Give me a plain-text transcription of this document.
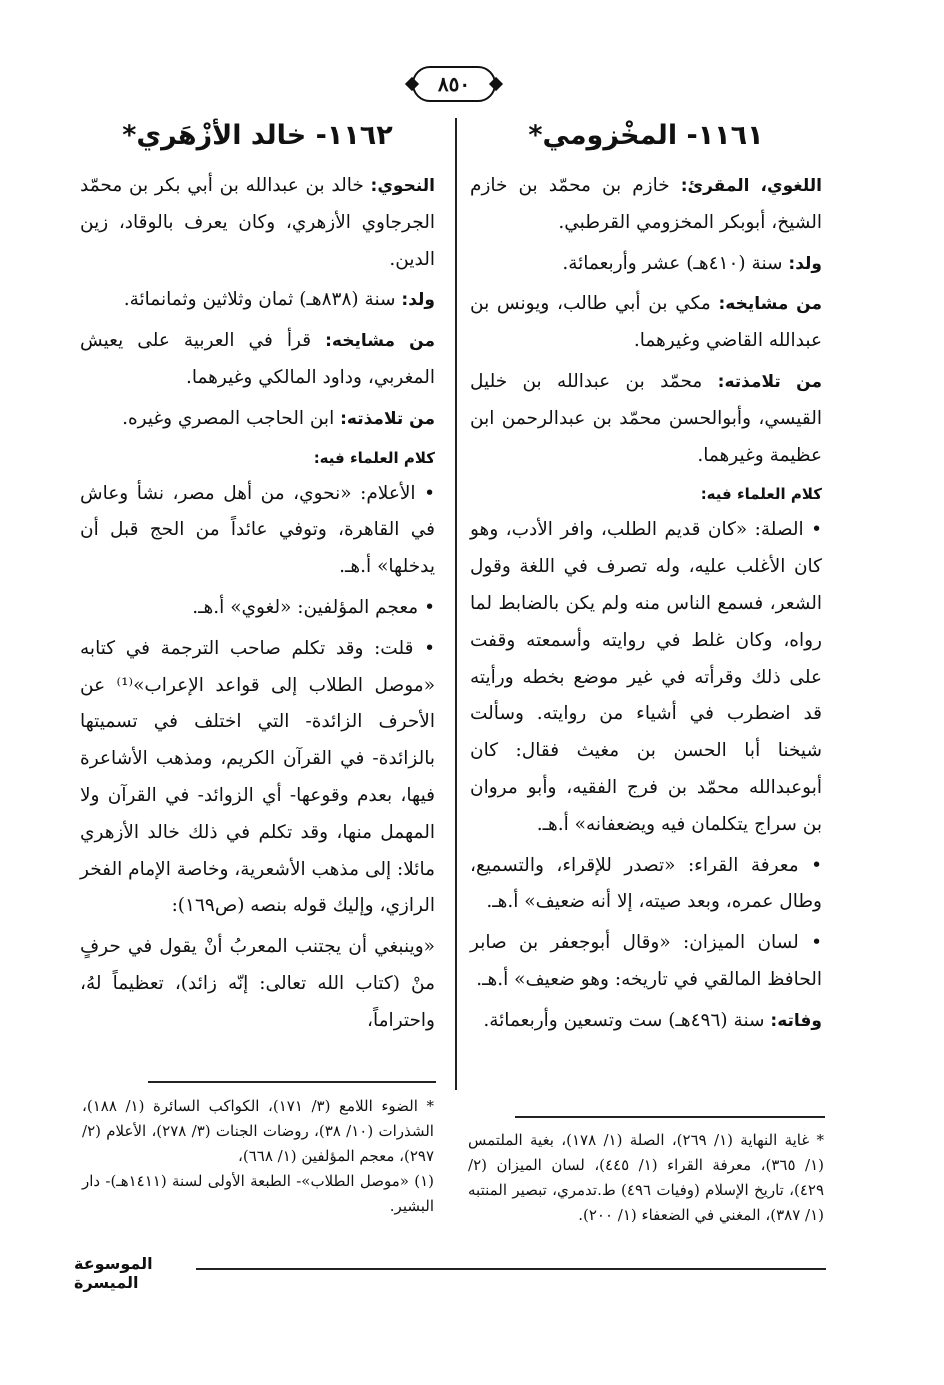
٨٥٠
١١٦١- المخْزومي*

اللغوي، المقرئ: خازم بن محمّد بن خازم الشيخ، أبوبكر المخزومي القرطبي.

ولد: سنة (٤١٠هـ) عشر وأربعمائة.

من مشايخه: مكي بن أبي طالب، ويونس بن عبدالله القاضي وغيرهما.

من تلامذته: محمّد بن عبدالله بن خليل القيسي، وأبوالحسن محمّد بن عبدالرحمن ابن عظيمة وغيرهما.

كلام العلماء فيه:

• الصلة: «كان قديم الطلب، وافر الأدب، وهو كان الأغلب عليه، وله تصرف في اللغة وقول الشعر، فسمع الناس منه ولم يكن بالضابط لما رواه، وكان غلط في روايته وأسمعته وقفت على ذلك وقرأته في غير موضع بخطه ورأيته قد اضطرب في أشياء من روايته. وسألت شيخنا أبا الحسن بن مغيث فقال: كان أبوعبدالله محمّد بن فرج الفقيه، وأبو مروان بن سراج يتكلمان فيه ويضعفانه» أ.هـ.

• معرفة القراء: «تصدر للإقراء، والتسميع، وطال عمره، وبعد صيته، إلا أنه ضعيف» أ.هـ.

• لسان الميزان: «وقال أبوجعفر بن صابر الحافظ المالقي في تاريخه: وهو ضعيف» أ.هـ.

وفاته: سنة (٤٩٦هـ) ست وتسعين وأربعمائة.

١١٦٢- خالد الأزْهَري*

النحوي: خالد بن عبدالله بن أبي بكر بن محمّد الجرجاوي الأزهري، وكان يعرف بالوقاد، زين الدين.

ولد: سنة (٨٣٨هـ) ثمان وثلاثين وثمانمائة.

من مشايخه: قرأ في العربية على يعيش المغربي، وداود المالكي وغيرهما.

من تلامذته: ابن الحاجب المصري وغيره.

كلام العلماء فيه:

• الأعلام: «نحوي، من أهل مصر، نشأ وعاش في القاهرة، وتوفي عائداً من الحج قبل أن يدخلها» أ.هـ.

• معجم المؤلفين: «لغوي» أ.هـ.

• قلت: وقد تكلم صاحب الترجمة في كتابه «موصل الطلاب إلى قواعد الإعراب»⁽¹⁾ عن الأحرف الزائدة- التي اختلف في تسميتها بالزائدة- في القرآن الكريم، ومذهب الأشاعرة فيها، بعدم وقوعها- أي الزوائد- في القرآن ولا المهمل منها، وقد تكلم في ذلك خالد الأزهري مائلا: إلى مذهب الأشعرية، وخاصة الإمام الفخر الرازي، وإليك قوله بنصه (ص١٦٩):

«وينبغي أن يجتنب المعربُ أنْ يقول في حرفٍ منْ (كتاب الله تعالى: إنّه زائد)، تعظيماً لهُ، واحتراماً،

* غاية النهاية (١/ ٢٦٩)، الصلة (١/ ١٧٨)، بغية الملتمس (١/ ٣٦٥)، معرفة القراء (١/ ٤٤٥)، لسان الميزان (٢/ ٤٢٩)، تاريخ الإسلام (وفيات ٤٩٦) ط.تدمري، تبصير المنتبه (١/ ٣٨٧)، المغني في الضعفاء (١/ ٢٠٠).

* الضوء اللامع (٣/ ١٧١)، الكواكب السائرة (١/ ١٨٨)، الشذرات (١٠/ ٣٨)، روضات الجنات (٣/ ٢٧٨)، الأعلام (٢/ ٢٩٧)، معجم المؤلفين (١/ ٦٦٨)،

(١) «موصل الطلاب»- الطبعة الأولى لسنة (١٤١١هـ)- دار البشير.

الموسوعة الميسرة
